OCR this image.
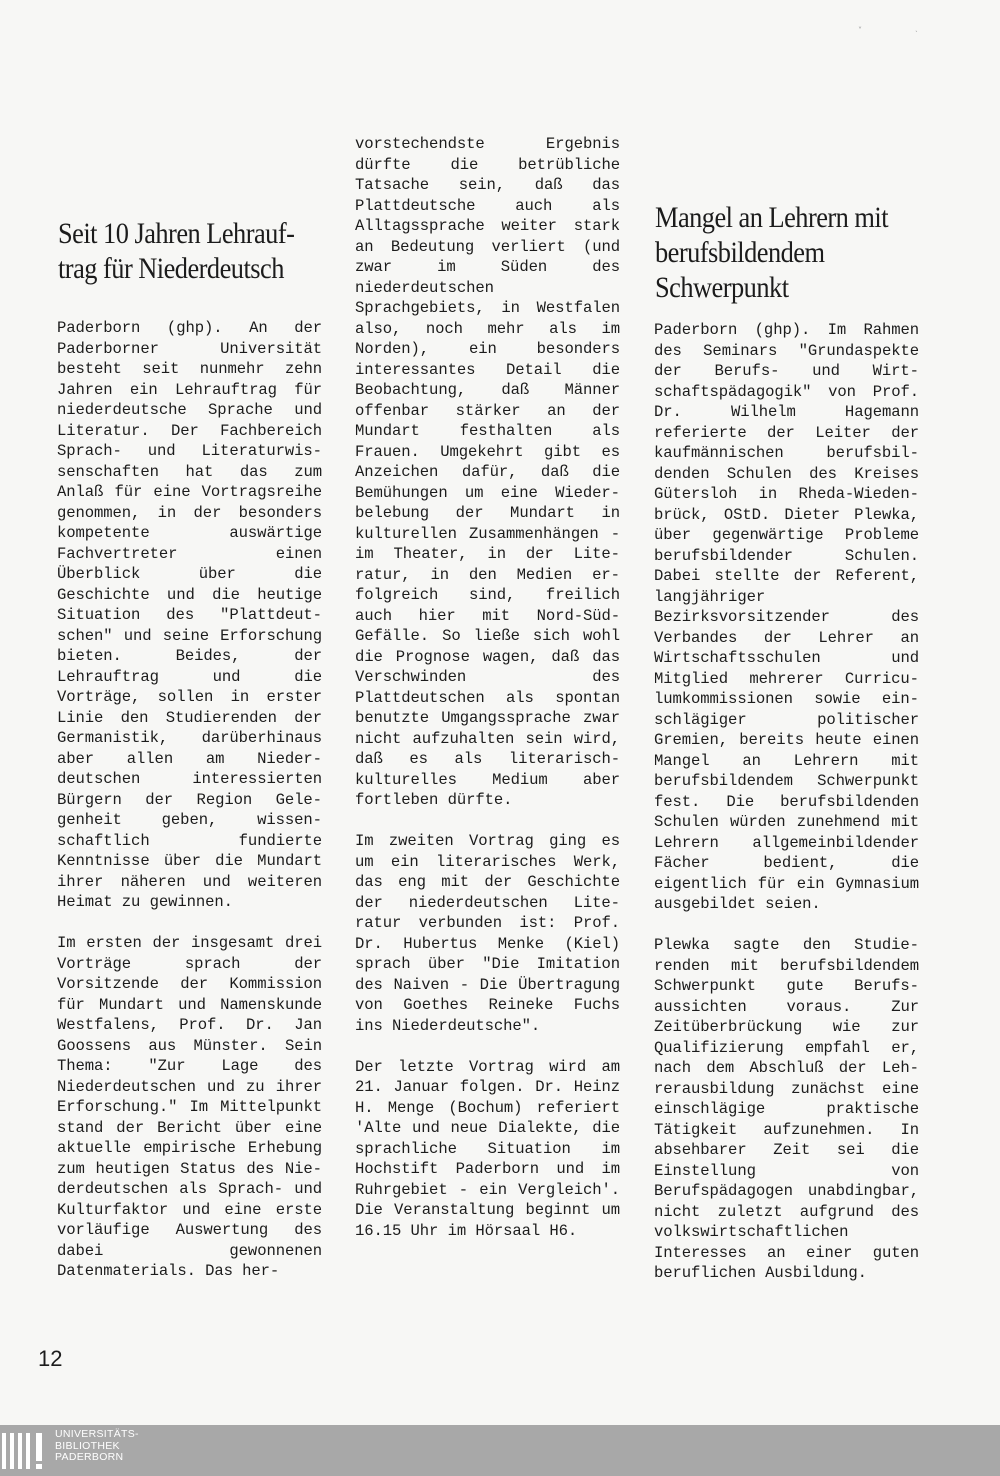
˅	˴
Seit 10 Jahren Lehrauf-
trag für Niederdeutsch

Paderborn (ghp). An der Paderborner Universität besteht seit nunmehr zehn Jahren ein Lehrauftrag für niederdeutsche Sprache und Literatur. Der Fachbereich Sprach- und Literaturwissenschaften hat das zum Anlaß für eine Vortragsreihe genommen, in der besonders kompetente auswärtige Fachvertreter einen Überblick über die Geschichte und die heutige Situation des "Plattdeutschen" und seine Erforschung bieten. Beides, der Lehrauftrag und die Vorträge, sollen in erster Linie den Studierenden der Germanistik, darüberhinaus aber allen am Niederdeutschen interessierten Bürgern der Region Gelegenheit geben, wissenschaftlich fundierte Kenntnisse über die Mundart ihrer näheren und weiteren Heimat zu gewinnen.

Im ersten der insgesamt drei Vorträge sprach der Vorsitzende der Kommission für Mundart und Namenskunde Westfalens, Prof. Dr. Jan Goossens aus Münster. Sein Thema: "Zur Lage des Niederdeutschen und zu ihrer Erforschung." Im Mittelpunkt stand der Bericht über eine aktuelle empirische Erhebung zum heutigen Status des Niederdeutschen als Sprach- und Kulturfaktor und eine erste vorläufige Auswertung des dabei gewonnenen Datenmaterials. Das her-

vorstechendste Ergebnis dürfte die betrübliche Tatsache sein, daß das Plattdeutsche auch als Alltagssprache weiter stark an Bedeutung verliert (und zwar im Süden des niederdeutschen Sprachgebiets, in Westfalen also, noch mehr als im Norden), ein besonders interessantes Detail die Beobachtung, daß Männer offenbar stärker an der Mundart festhalten als Frauen. Umgekehrt gibt es Anzeichen dafür, daß die Bemühungen um eine Wiederbelebung der Mundart in kulturellen Zusammenhängen - im Theater, in der Literatur, in den Medien erfolgreich sind, freilich auch hier mit Nord-Süd-Gefälle. So ließe sich wohl die Prognose wagen, daß das Verschwinden des Plattdeutschen als spontan benutzte Umgangssprache zwar nicht aufzuhalten sein wird, daß es als literarisch-kulturelles Medium aber fortleben dürfte.

Im zweiten Vortrag ging es um ein literarisches Werk, das eng mit der Geschichte der niederdeutschen Literatur verbunden ist: Prof. Dr. Hubertus Menke (Kiel) sprach über "Die Imitation des Naiven - Die Übertragung von Goethes Reineke Fuchs ins Niederdeutsche".

Der letzte Vortrag wird am 21. Januar folgen. Dr. Heinz H. Menge (Bochum) referiert 'Alte und neue Dialekte, die sprachliche Situation im Hochstift Paderborn und im Ruhrgebiet - ein Vergleich'. Die Veranstaltung beginnt um 16.15 Uhr im Hörsaal H6.

Mangel an Lehrern mit
berufsbildendem
Schwerpunkt

Paderborn (ghp). Im Rahmen des Seminars "Grundaspekte der Berufs- und Wirtschaftspädagogik" von Prof. Dr. Wilhelm Hagemann referierte der Leiter der kaufmännischen berufsbildenden Schulen des Kreises Gütersloh in Rheda-Wiedenbrück, OStD. Dieter Plewka, über gegenwärtige Probleme berufsbildender Schulen. Dabei stellte der Referent, langjähriger Bezirksvorsitzender des Verbandes der Lehrer an Wirtschaftsschulen und Mitglied mehrerer Curriculumkommissionen sowie einschlägiger politischer Gremien, bereits heute einen Mangel an Lehrern mit berufsbildendem Schwerpunkt fest. Die berufsbildenden Schulen würden zunehmend mit Lehrern allgemeinbildender Fächer bedient, die eigentlich für ein Gymnasium ausgebildet seien.

Plewka sagte den Studierenden mit berufsbildendem Schwerpunkt gute Berufsaussichten voraus. Zur Zeitüberbrückung wie zur Qualifizierung empfahl er, nach dem Abschluß der Lehrerausbildung zunächst eine einschlägige praktische Tätigkeit aufzunehmen. In absehbarer Zeit sei die Einstellung von Berufspädagogen unabdingbar, nicht zuletzt aufgrund des volkswirtschaftlichen Interesses an einer guten beruflichen Ausbildung.

12
UNIVERSITÄTS-
BIBLIOTHEK
PADERBORN
